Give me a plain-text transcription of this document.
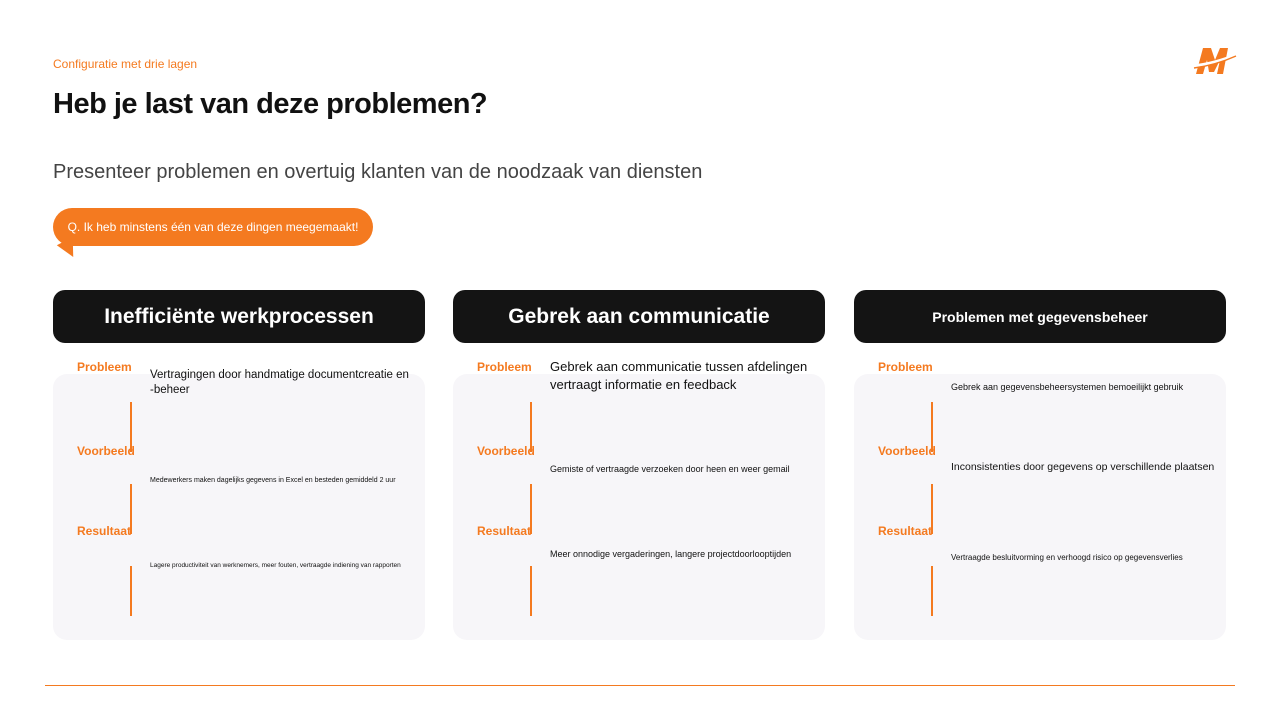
Configuratie met drie lagen
Heb je last van deze problemen?
Presenteer problemen en overtuig klanten van de noodzaak van diensten
Q. Ik heb minstens één van deze dingen meegemaakt!
Inefficiënte werkprocessen
Probleem
Vertragingen door handmatige documentcreatie en -beheer
Voorbeeld
Medewerkers maken dagelijks gegevens in Excel en besteden gemiddeld 2 uur
Resultaat
Lagere productiviteit van werknemers, meer fouten, vertraagde indiening van rapporten
Gebrek aan communicatie
Probleem Gebrek aan communicatie tussen afdelingen vertraagt informatie en feedback
Voorbeeld
Gemiste of vertraagde verzoeken door heen en weer gemail
Resultaat
Meer onnodige vergaderingen, langere projectdoorlooptijden
Problemen met gegevensbeheer
Probleem
Gebrek aan gegevensbeheersystemen bemoeilijkt gebruik
Voorbeeld
Inconsistenties door gegevens op verschillende plaatsen
Resultaat
Vertraagde besluitvorming en verhoogd risico op gegevensverlies
